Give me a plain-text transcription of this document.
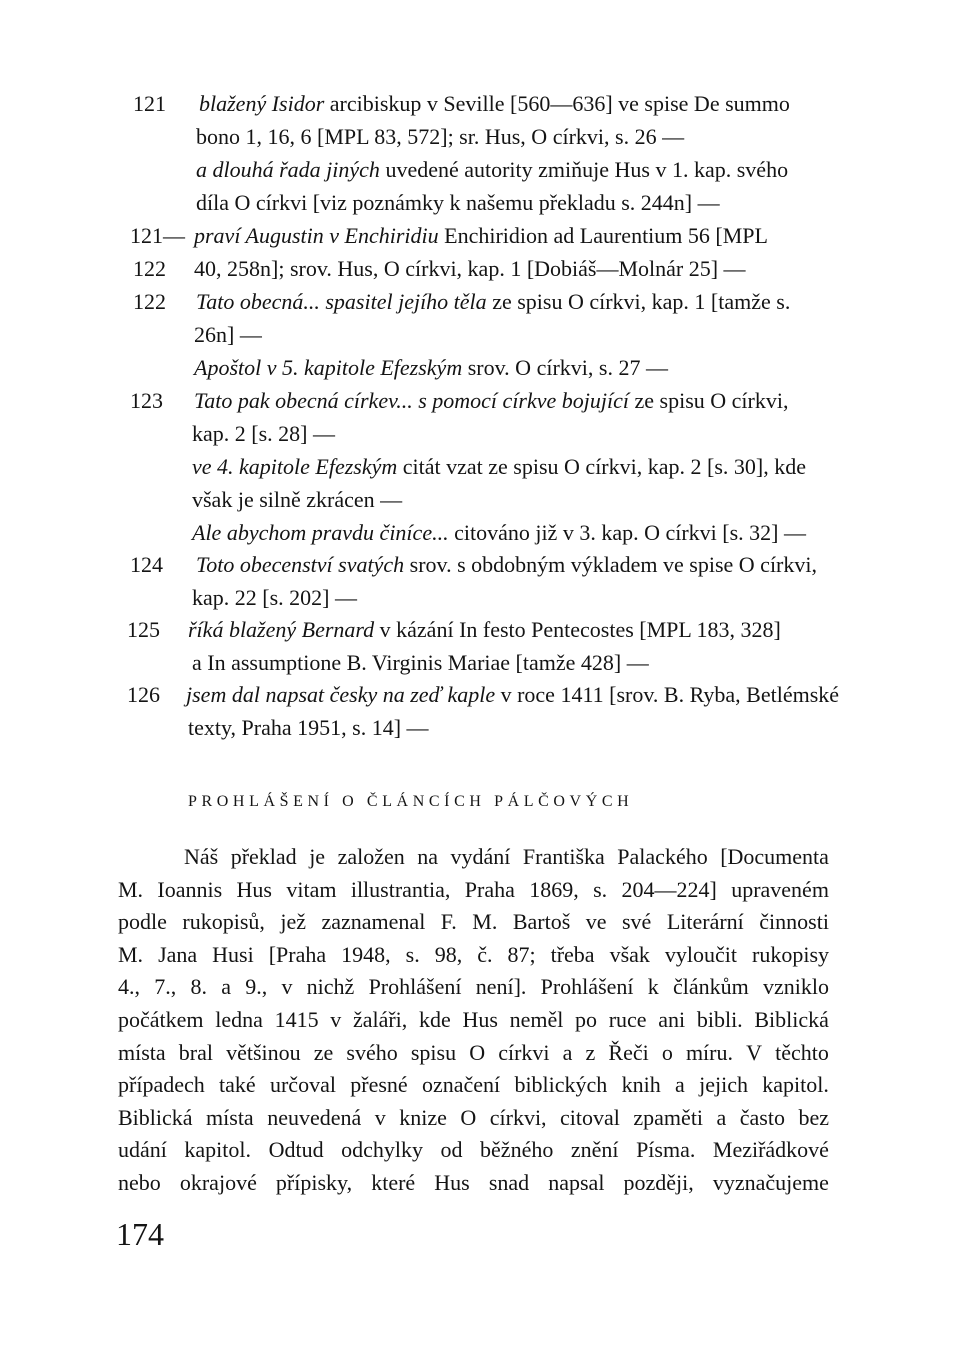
121 blažený Isidor arcibiskup v Seville [560—636] ve spise De summo
bono 1, 16, 6 [MPL 83, 572]; sr. Hus, O církvi, s. 26 —
a dlouhá řada jiných uvedené autority zmiňuje Hus v 1. kap. svého
díla O církvi [viz poznámky k našemu překladu s. 244n] —
121— praví Augustin v Enchiridiu Enchiridion ad Laurentium 56 [MPL
122 40, 258n]; srov. Hus, O církvi, kap. 1 [Dobiáš—Molnár 25] —
122 Tato obecná... spasitel jejího těla ze spisu O církvi, kap. 1 [tamže s.
26n] —
Apoštol v 5. kapitole Efezským srov. O církvi, s. 27 —
123 Tato pak obecná církev... s pomocí církve bojující ze spisu O církvi,
kap. 2 [s. 28] —
ve 4. kapitole Efezským citát vzat ze spisu O církvi, kap. 2 [s. 30], kde
však je silně zkrácen —
Ale abychom pravdu činíce... citováno již v 3. kap. O církvi [s. 32] —
124 Toto obecenství svatých srov. s obdobným výkladem ve spise O církvi,
kap. 22 [s. 202] —
125 říká blažený Bernard v kázání In festo Pentecostes [MPL 183, 328]
a In assumptione B. Virginis Mariae [tamže 428] —
126 jsem dal napsat česky na zeď kaple v roce 1411 [srov. B. Ryba, Betlémské
texty, Praha 1951, s. 14] —
PROHLÁŠENÍ O ČLÁNCÍCH PÁLČOVÝCH
Náš překlad je založen na vydání Františka Palackého [Documenta
M. Ioannis Hus vitam illustrantia, Praha 1869, s. 204—224] upraveném
podle rukopisů, jež zaznamenal F. M. Bartoš ve své Literární činnosti
M. Jana Husi [Praha 1948, s. 98, č. 87; třeba však vyloučit rukopisy
4., 7., 8. a 9., v nichž Prohlášení není]. Prohlášení k článkům vzniklo
počátkem ledna 1415 v žaláři, kde Hus neměl po ruce ani bibli. Biblická
místa bral většinou ze svého spisu O církvi a z Řeči o míru. V těchto
případech také určoval přesné označení biblických knih a jejich kapitol.
Biblická místa neuvedená v knize O církvi, citoval zpaměti a často bez
udání kapitol. Odtud odchylky od běžného znění Písma. Meziřádkové
nebo okrajové přípisky, které Hus snad napsal později, vyznačujeme
174
